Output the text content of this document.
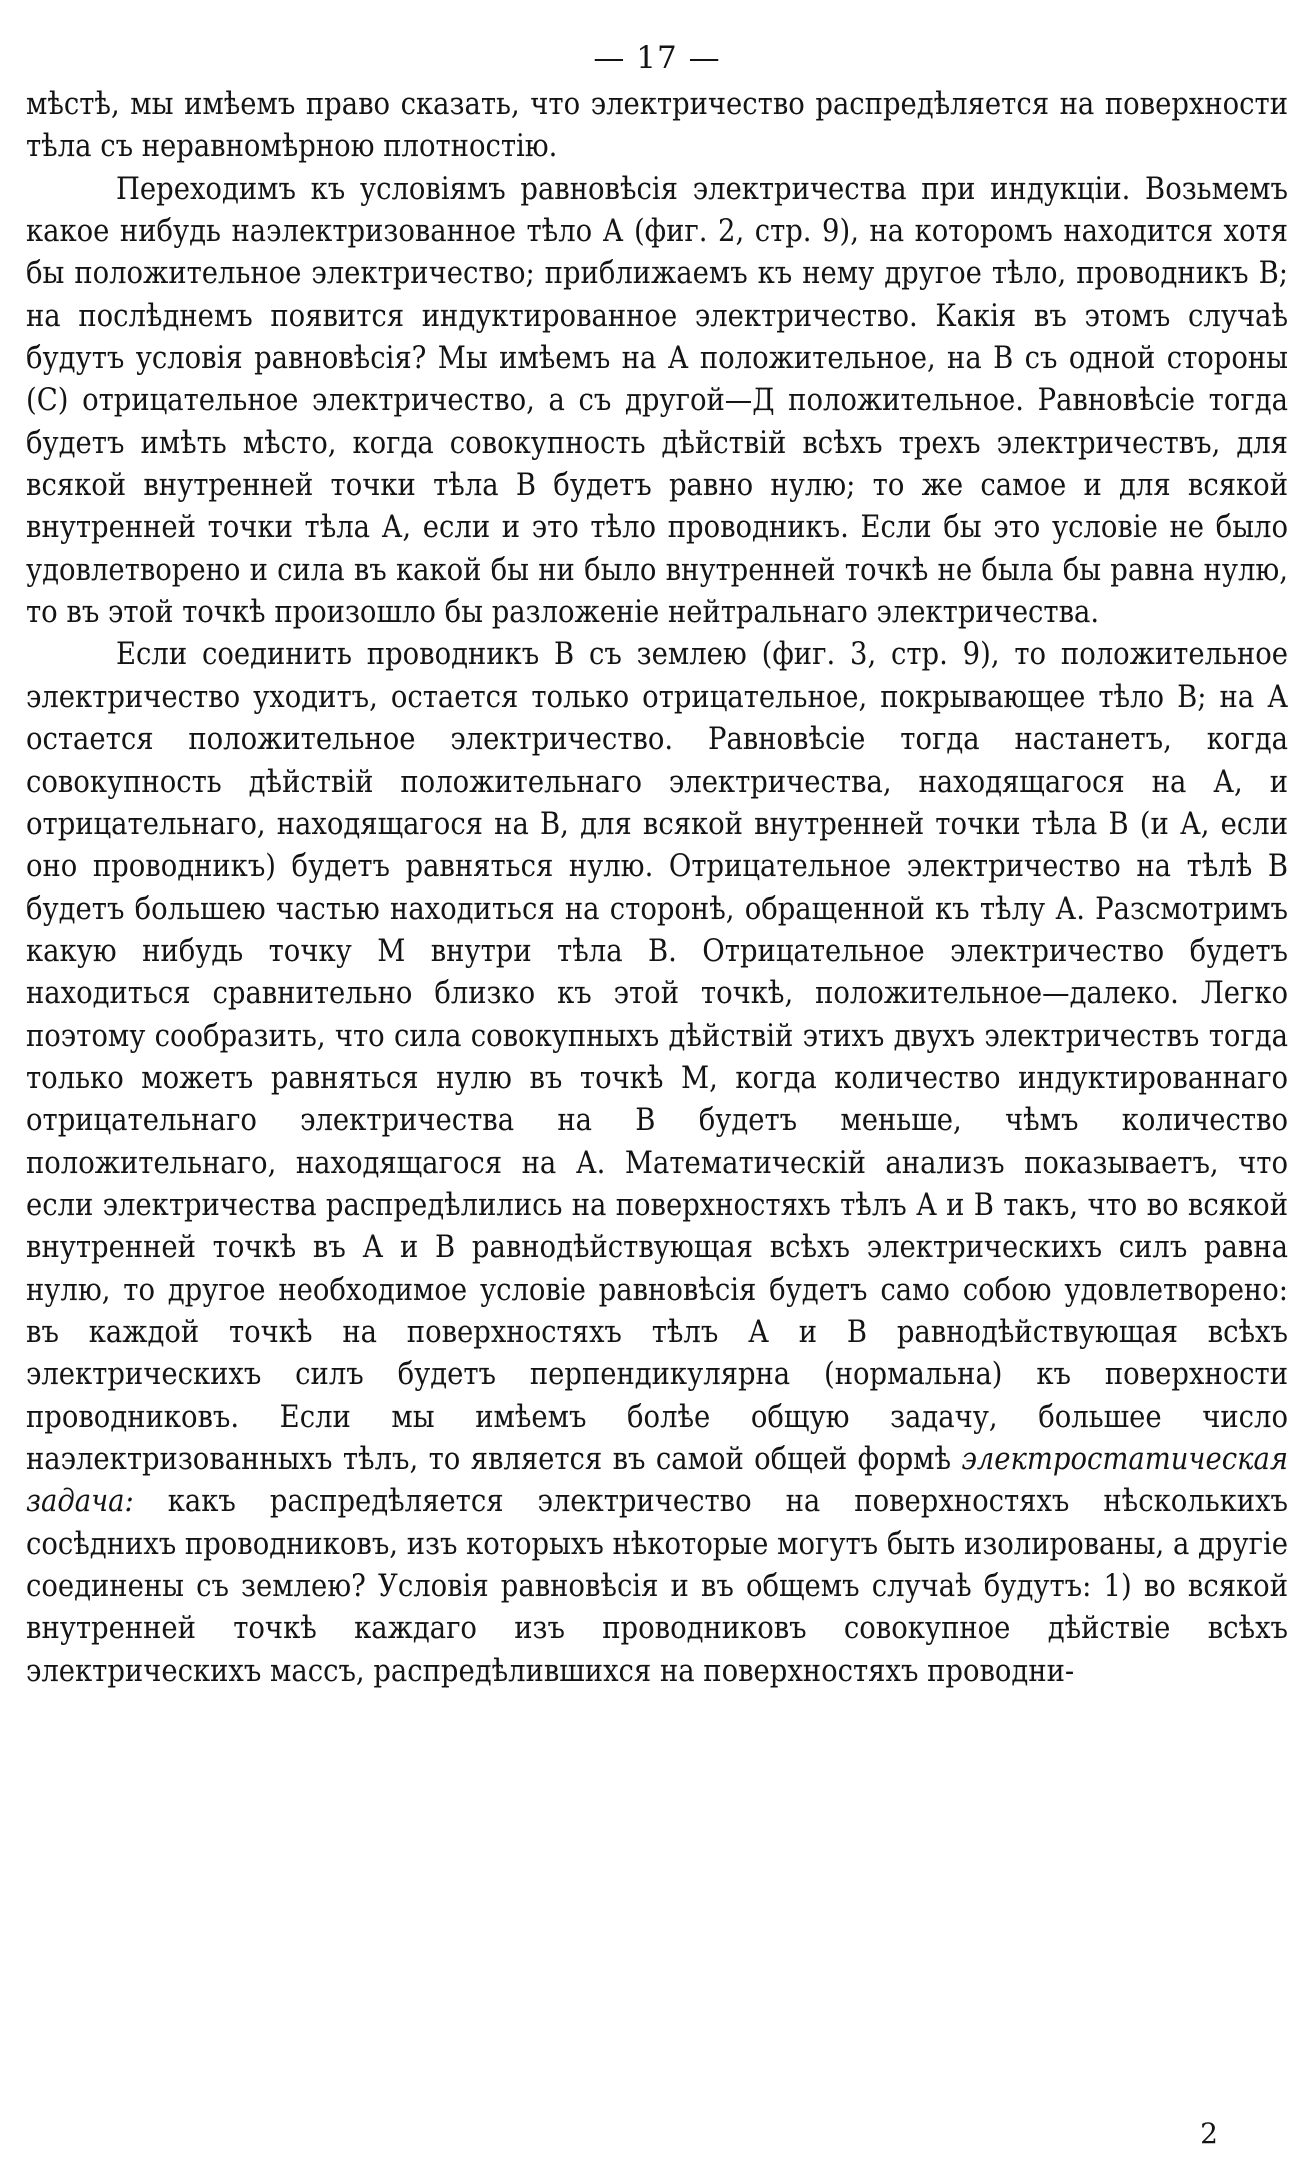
— 17 —

мѣстѣ, мы имѣемъ право сказать, что электричество распредѣляется на поверхности тѣла съ неравномѣрною плотностію.

Переходимъ къ условіямъ равновѣсія электричества при индукціи. Возьмемъ какое нибудь наэлектризованное тѣло А (фиг. 2, стр. 9), на которомъ находится хотя бы положительное электричество; приближаемъ къ нему другое тѣло, проводникъ В; на послѣднемъ появится индуктированное электричество. Какія въ этомъ случаѣ будутъ условія равновѣсія? Мы имѣемъ на А положительное, на В съ одной стороны (С) отрицательное электричество, а съ другой—Д положительное. Равновѣсіе тогда будетъ имѣть мѣсто, когда совокупность дѣйствій всѣхъ трехъ электричествъ, для всякой внутренней точки тѣла В будетъ равно нулю; то же самое и для всякой внутренней точки тѣла А, если и это тѣло проводникъ. Если бы это условіе не было удовлетворено и сила въ какой бы ни было внутренней точкѣ не была бы равна нулю, то въ этой точкѣ произошло бы разложеніе нейтральнаго электричества.

Если соединить проводникъ В съ землею (фиг. 3, стр. 9), то положительное электричество уходитъ, остается только отрицательное, покрывающее тѣло В; на А остается положительное электричество. Равновѣсіе тогда настанетъ, когда совокупность дѣйствій положительнаго электричества, находящагося на А, и отрицательнаго, находящагося на В, для всякой внутренней точки тѣла В (и А, если оно проводникъ) будетъ равняться нулю. Отрицательное электричество на тѣлѣ В будетъ большею частью находиться на сторонѣ, обращенной къ тѣлу А. Разсмотримъ какую нибудь точку М внутри тѣла В. Отрицательное электричество будетъ находиться сравнительно близко къ этой точкѣ, положительное—далеко. Легко поэтому сообразить, что сила совокупныхъ дѣйствій этихъ двухъ электричествъ тогда только можетъ равняться нулю въ точкѣ М, когда количество индуктированнаго отрицательнаго электричества на В будетъ меньше, чѣмъ количество положительнаго, находящагося на А. Математическій анализъ показываетъ, что если электричества распредѣлились на поверхностяхъ тѣлъ А и В такъ, что во всякой внутренней точкѣ въ А и В равнодѣйствующая всѣхъ электрическихъ силъ равна нулю, то другое необходимое условіе равновѣсія будетъ само собою удовлетворено: въ каждой точкѣ на поверхностяхъ тѣлъ А и В равнодѣйствующая всѣхъ электрическихъ силъ будетъ перпендикулярна (нормальна) къ поверхности проводниковъ. Если мы имѣемъ болѣе общую задачу, большее число наэлектризованныхъ тѣлъ, то является въ самой общей формѣ электростатическая задача: какъ распредѣляется электричество на поверхностяхъ нѣсколькихъ сосѣднихъ проводниковъ, изъ которыхъ нѣкоторые могутъ быть изолированы, а другіе соединены съ землею? Условія равновѣсія и въ общемъ случаѣ будутъ: 1) во всякой внутренней точкѣ каждаго изъ проводниковъ совокупное дѣйствіе всѣхъ электрическихъ массъ, распредѣлившихся на поверхностяхъ проводни-

2
